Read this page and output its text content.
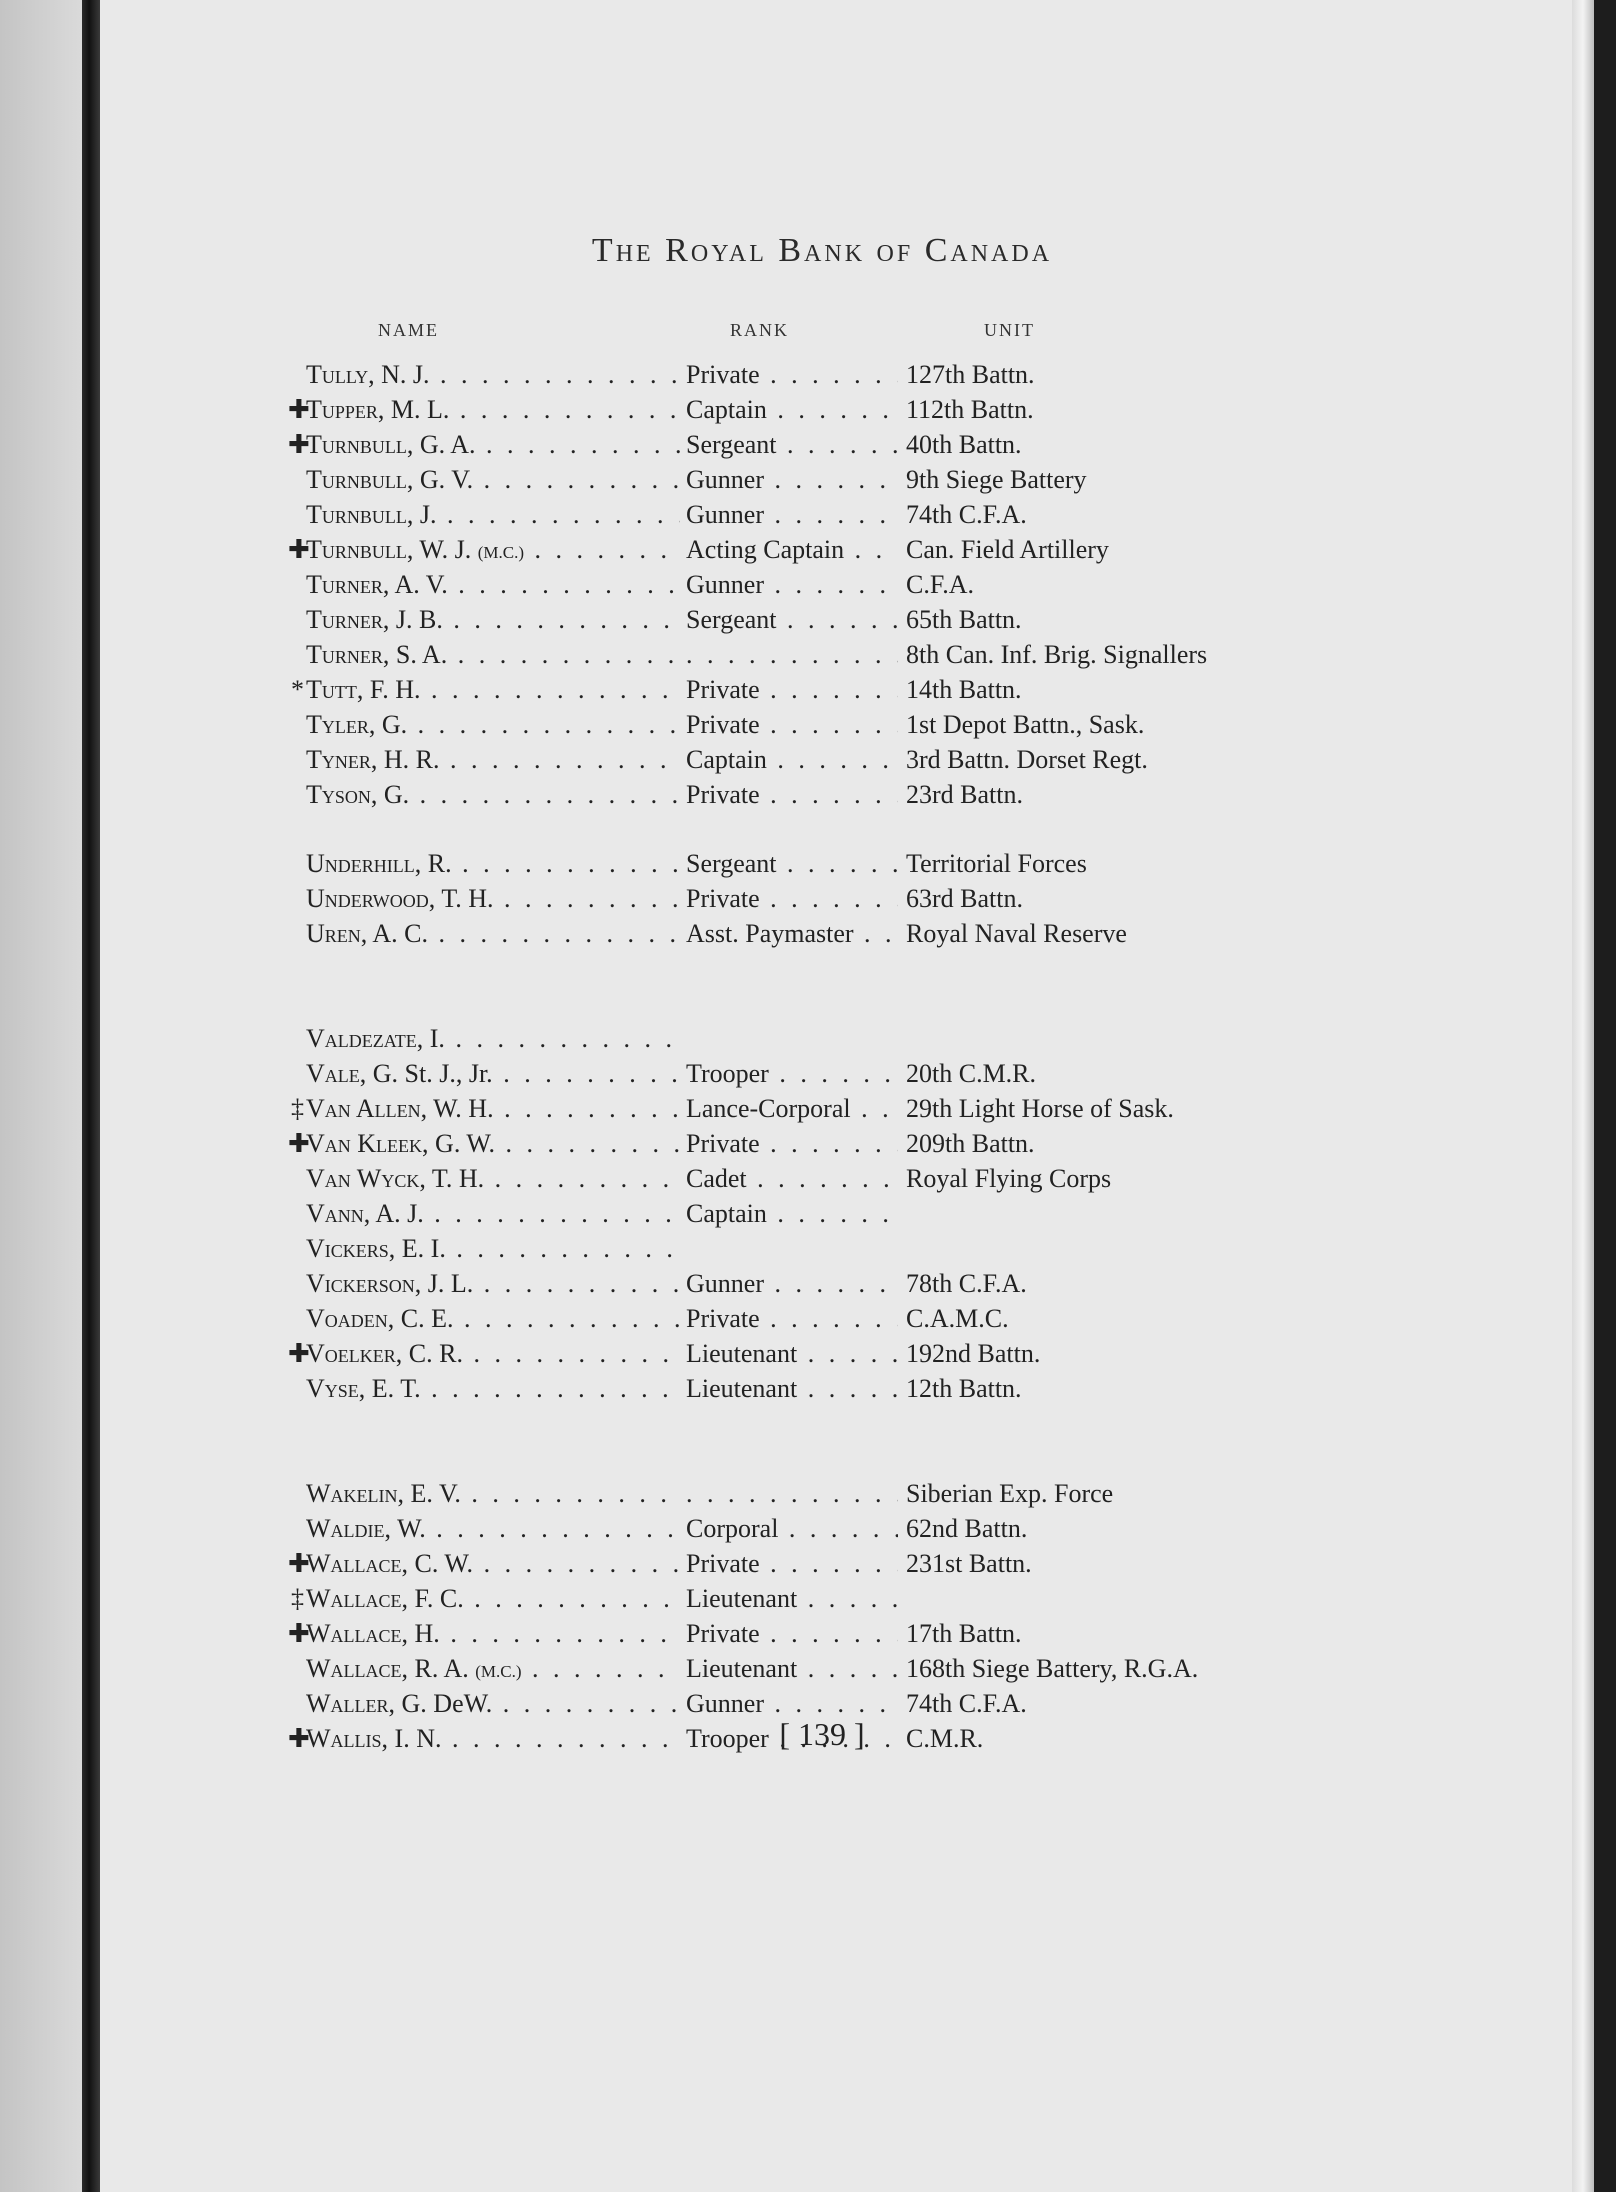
The Royal Bank of Canada
NAME	RANK	UNIT
Tully, N. J. . . .	Private . . .	127th Battn.
✚Tupper, M. L. . . .	Captain . . .	112th Battn.
✚Turnbull, G. A. . . .	Sergeant . . .	40th Battn.
Turnbull, G. V. . . .	Gunner . . .	9th Siege Battery
Turnbull, J. . . .	Gunner . . .	74th C.F.A.
✚Turnbull, W. J. (M.C.) . . .	Acting Captain . . .	Can. Field Artillery
Turner, A. V. . . .	Gunner . . .	C.F.A.
Turner, J. B. . . .	Sergeant . . .	65th Battn.
Turner, S. A. . . . . . .	8th Can. Inf. Brig. Signallers
*Tutt, F. H. . . .	Private . . .	14th Battn.
Tyler, G. . . .	Private . . .	1st Depot Battn., Sask.
Tyner, H. R. . . .	Captain . . .	3rd Battn. Dorset Regt.
Tyson, G. . . .	Private . . .	23rd Battn.
Underhill, R. . . .	Sergeant . . .	Territorial Forces
Underwood, T. H. . . .	Private . . .	63rd Battn.
Uren, A. C. . . .	Asst. Paymaster . . .	Royal Naval Reserve
Valdezate, I. . . .
Vale, G. St. J., Jr. . . .	Trooper . . .	20th C.M.R.
‡Van Allen, W. H. . . .	Lance-Corporal . . .	29th Light Horse of Sask.
✚Van Kleek, G. W. . . .	Private . . .	209th Battn.
Van Wyck, T. H. . . .	Cadet . . .	Royal Flying Corps
Vann, A. J. . . .	Captain . . .
Vickers, E. I. . . .
Vickerson, J. L. . . .	Gunner . . .	78th C.F.A.
Voaden, C. E. . . .	Private . . .	C.A.M.C.
✚Voelker, C. R. . . .	Lieutenant . . .	192nd Battn.
Vyse, E. T. . . .	Lieutenant . . .	12th Battn.
Wakelin, E. V. . . . . . .	Siberian Exp. Force
Waldie, W. . . .	Corporal . . .	62nd Battn.
✚Wallace, C. W. . . .	Private . . .	231st Battn.
‡Wallace, F. C. . . .	Lieutenant . . .
✚Wallace, H. . . .	Private . . .	17th Battn.
Wallace, R. A. (M.C.) . . .	Lieutenant . . .	168th Siege Battery, R.G.A.
Waller, G. DeW. . . .	Gunner . . .	74th C.F.A.
✚Wallis, I. N. . . .	Trooper . . .	C.M.R.
[ 139 ]
